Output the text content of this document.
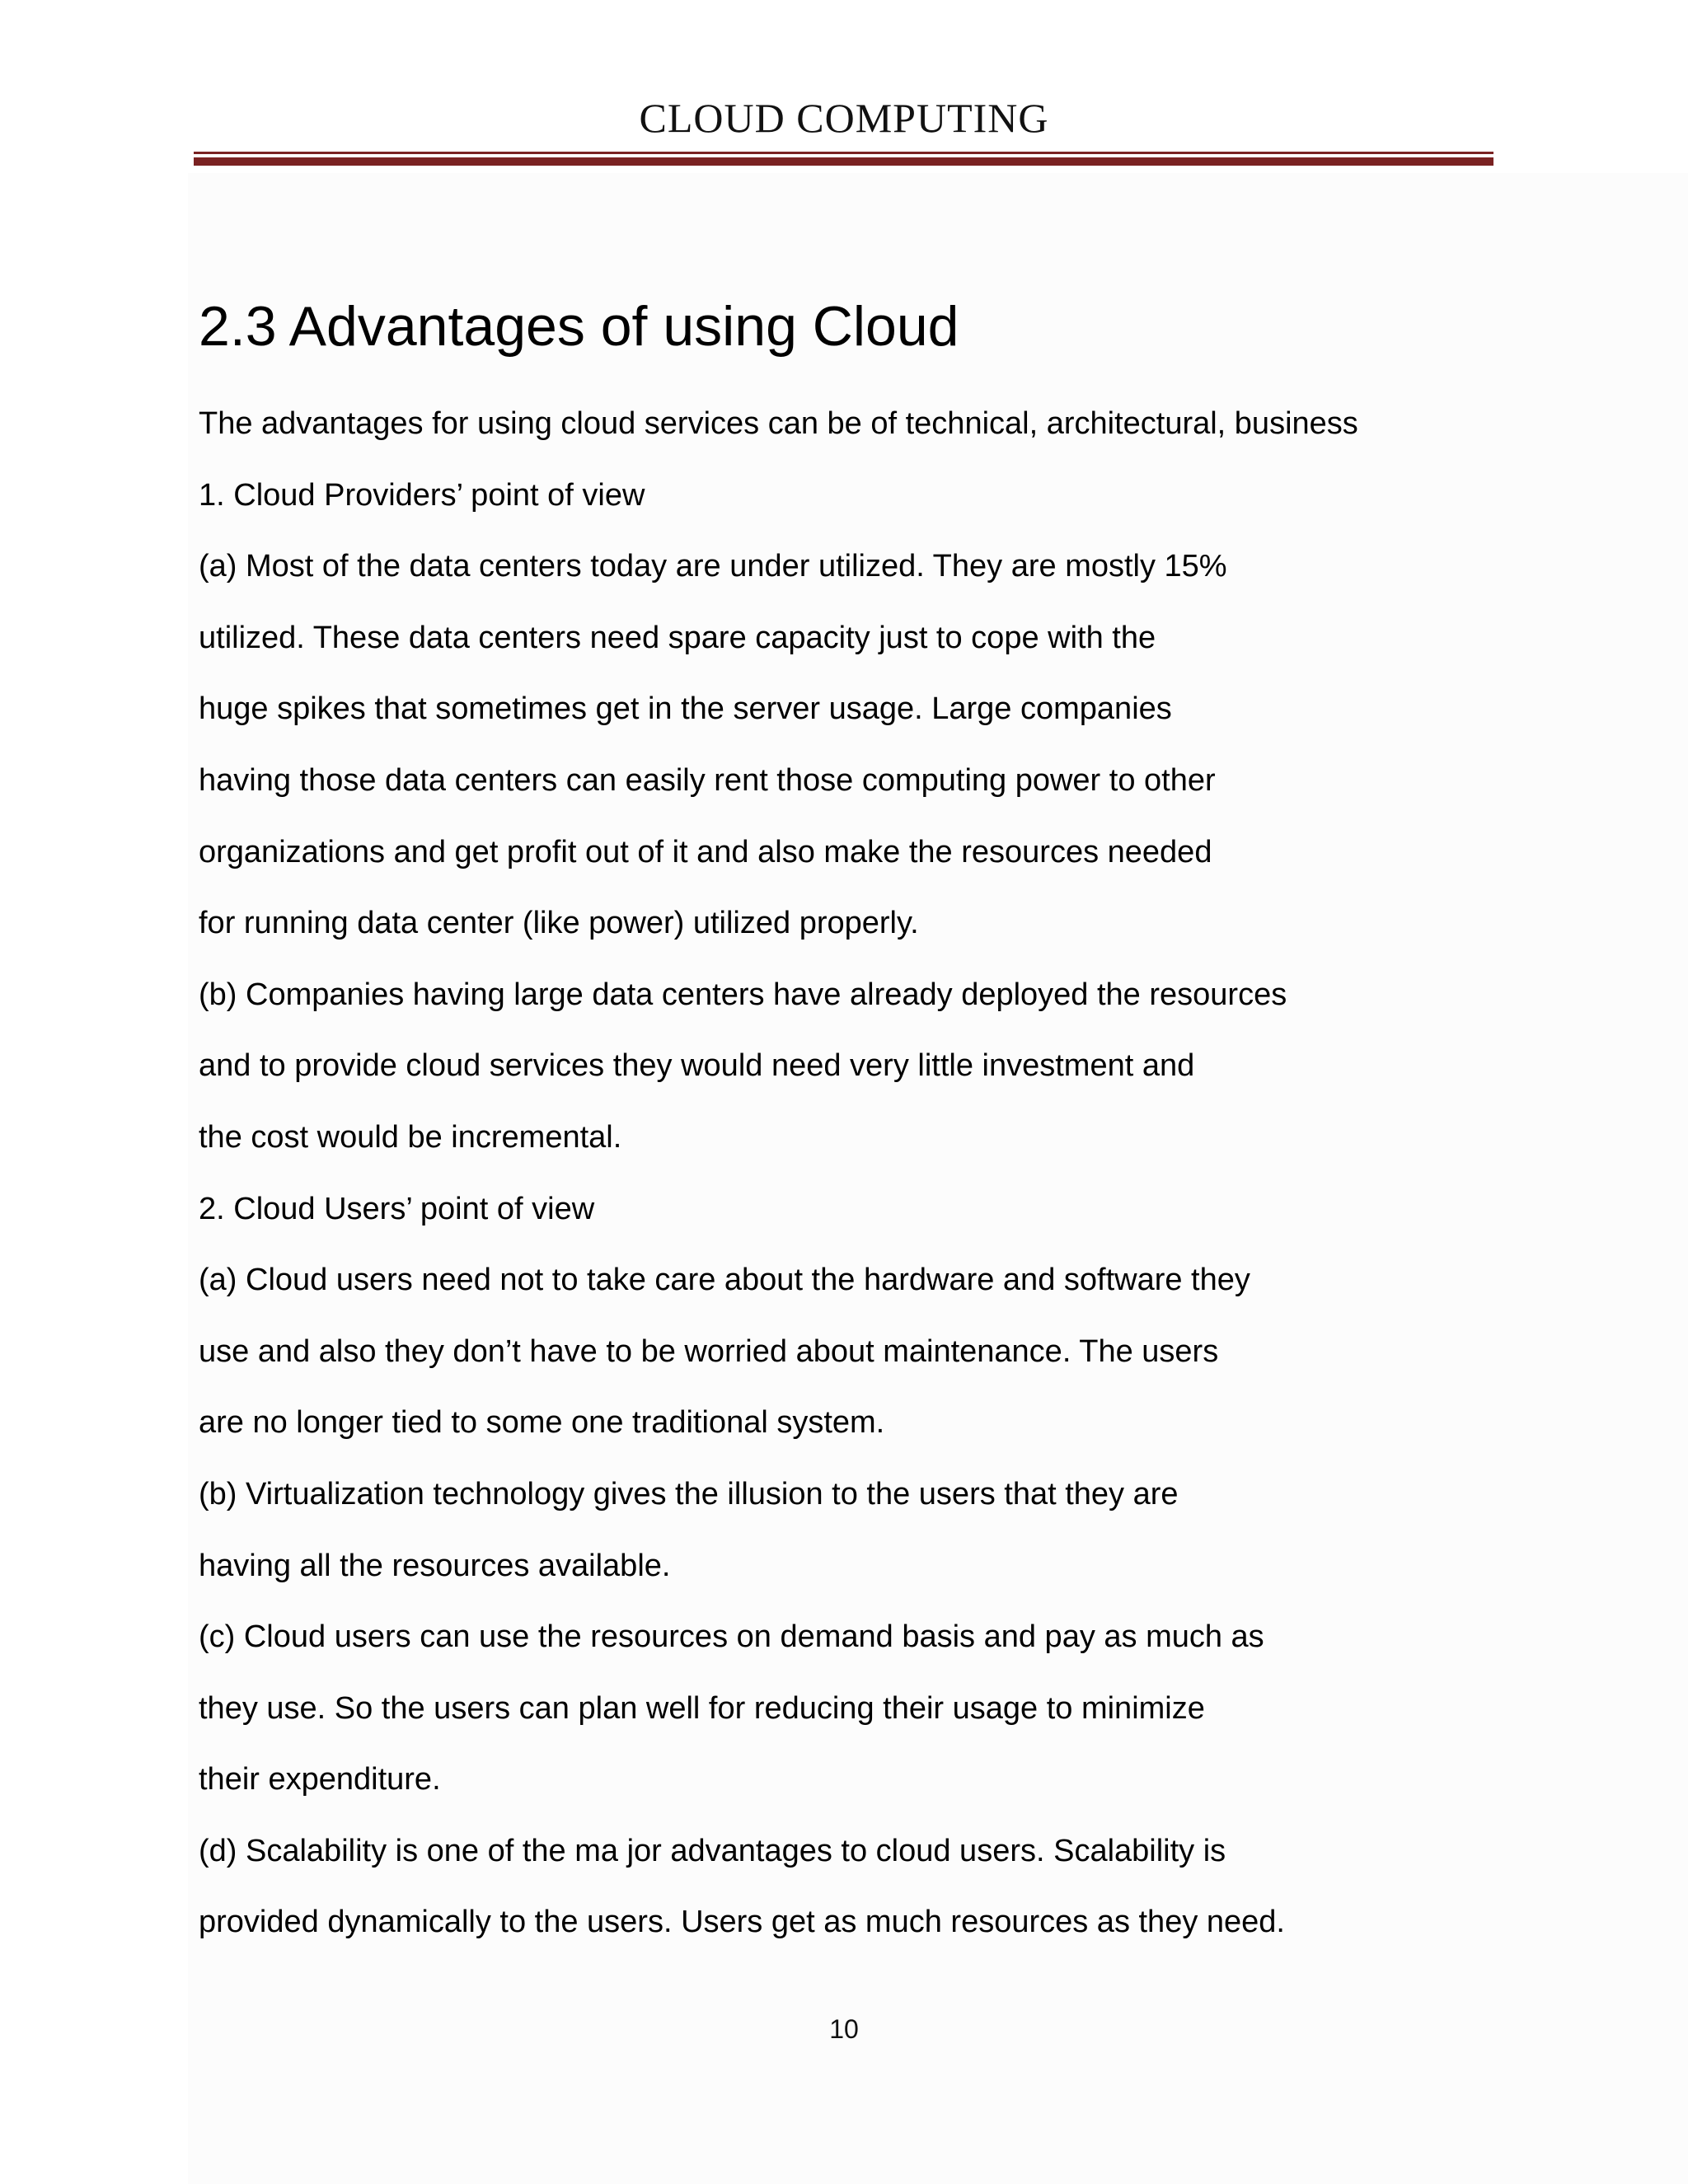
CLOUD COMPUTING
2.3 Advantages of using Cloud
The advantages for using cloud services can be of technical, architectural, business
1. Cloud Providers’ point of view
(a) Most of the data centers today are under utilized. They are mostly 15%
utilized. These data centers need spare capacity just to cope with the
huge spikes that sometimes get in the server usage. Large companies
having those data centers can easily rent those computing power to other
organizations and get profit out of it and also make the resources needed
for running data center (like power) utilized properly.
(b) Companies having large data centers have already deployed the resources
and to provide cloud services they would need very little investment and
the cost would be incremental.
2. Cloud Users’ point of view
(a) Cloud users need not to take care about the hardware and software they
use and also they don’t have to be worried about maintenance. The users
are no longer tied to some one traditional system.
(b) Virtualization technology gives the illusion to the users that they are
having all the resources available.
(c) Cloud users can use the resources on demand basis and pay as much as
they use. So the users can plan well for reducing their usage to minimize
their expenditure.
(d) Scalability is one of the ma jor advantages to cloud users. Scalability is
provided dynamically to the users. Users get as much resources as they need.
10
